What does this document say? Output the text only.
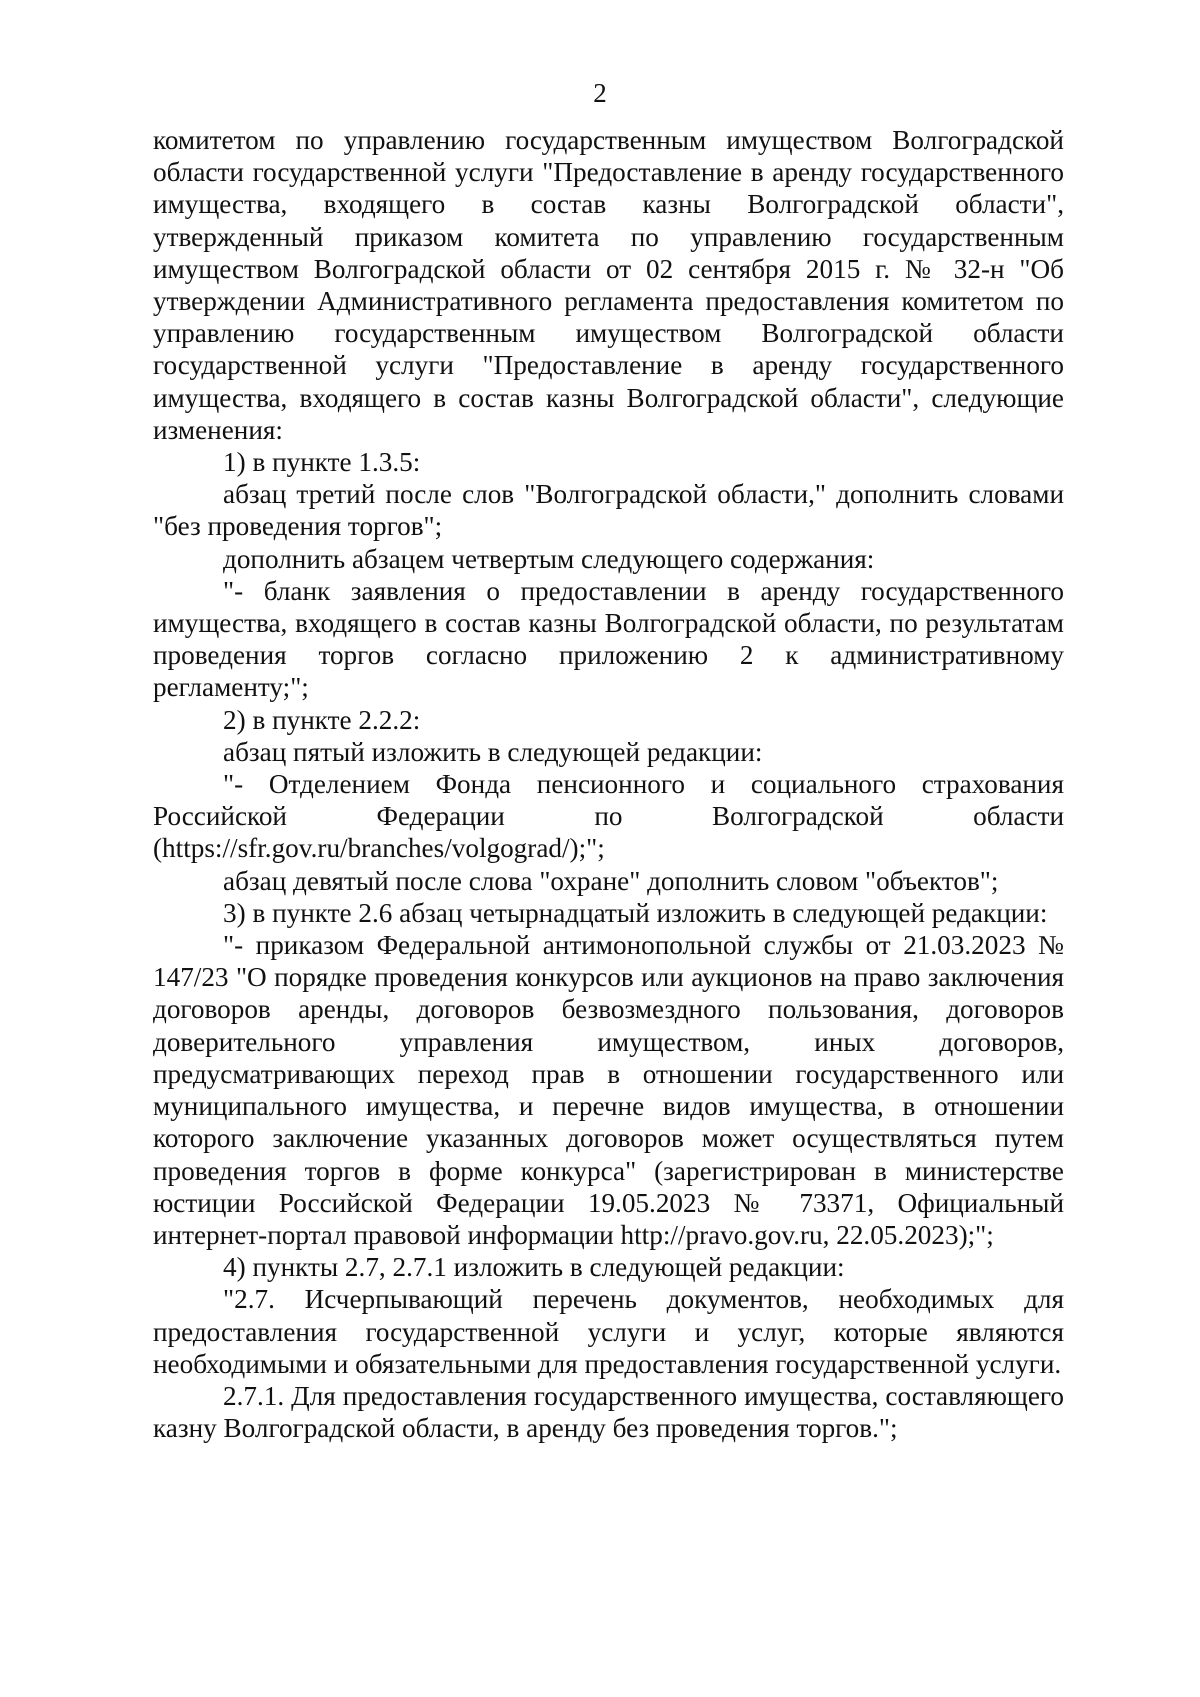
2

комитетом по управлению государственным имуществом Волгоградской области государственной услуги "Предоставление в аренду государственного имущества, входящего в состав казны Волгоградской области", утвержденный приказом комитета по управлению государственным имуществом Волгоградской области от 02 сентября 2015 г. № 32-н "Об утверждении Административного регламента предоставления комитетом по управлению государственным имуществом Волгоградской области государственной услуги "Предоставление в аренду государственного имущества, входящего в состав казны Волгоградской области", следующие изменения:

1) в пункте 1.3.5:

абзац третий после слов "Волгоградской области," дополнить словами "без проведения торгов";

дополнить абзацем четвертым следующего содержания:

"- бланк заявления о предоставлении в аренду государственного имущества, входящего в состав казны Волгоградской области, по результатам проведения торгов согласно приложению 2 к административному регламенту;";

2) в пункте 2.2.2:

абзац пятый изложить в следующей редакции:

"- Отделением Фонда пенсионного и социального страхования Российской Федерации по Волгоградской области (https://sfr.gov.ru/branches/volgograd/);";

абзац девятый после слова "охране" дополнить словом "объектов";

3) в пункте 2.6 абзац четырнадцатый изложить в следующей редакции:

"- приказом Федеральной антимонопольной службы от 21.03.2023 № 147/23 "О порядке проведения конкурсов или аукционов на право заключения договоров аренды, договоров безвозмездного пользования, договоров доверительного управления имуществом, иных договоров, предусматривающих переход прав в отношении государственного или муниципального имущества, и перечне видов имущества, в отношении которого заключение указанных договоров может осуществляться путем проведения торгов в форме конкурса" (зарегистрирован в министерстве юстиции Российской Федерации 19.05.2023 № 73371, Официальный интернет-портал правовой информации http://pravo.gov.ru, 22.05.2023);";

4) пункты 2.7, 2.7.1 изложить в следующей редакции:

"2.7. Исчерпывающий перечень документов, необходимых для предоставления государственной услуги и услуг, которые являются необходимыми и обязательными для предоставления государственной услуги.

2.7.1. Для предоставления государственного имущества, составляющего казну Волгоградской области, в аренду без проведения торгов.";
